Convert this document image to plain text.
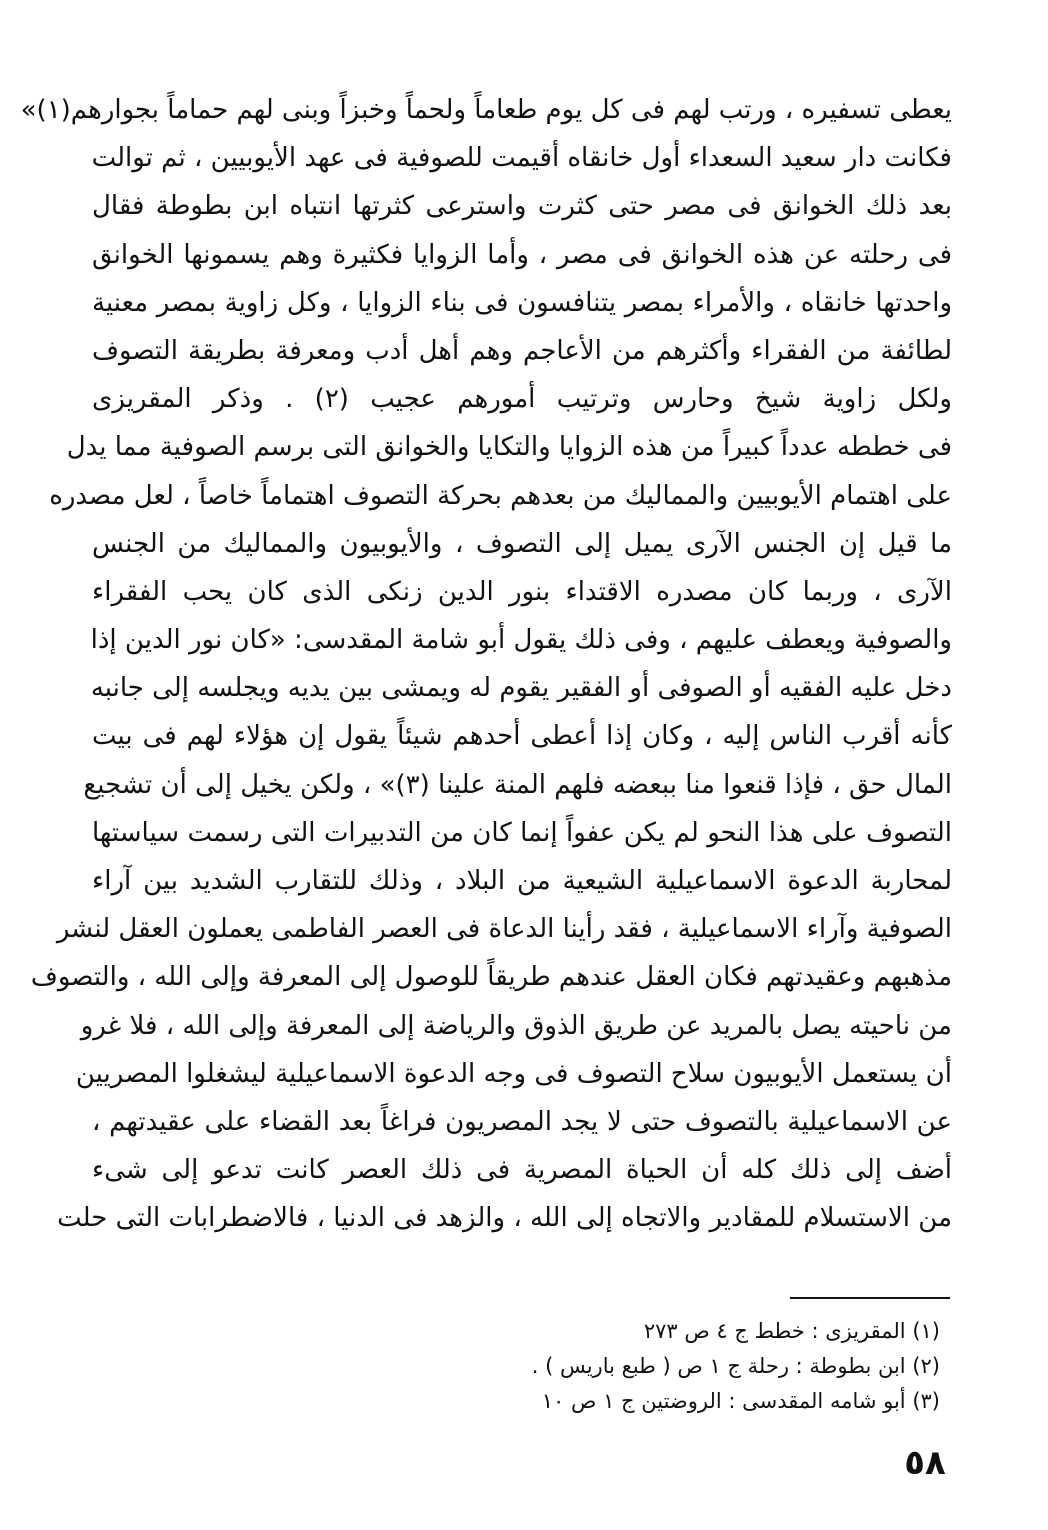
يعطى تسفيره ، ورتب لهم فى كل يوم طعاماً ولحماً وخبزاً وبنى لهم حماماً بجوارهم(١)»
فكانت دار سعيد السعداء أول خانقاه أقيمت للصوفية فى عهد الأيوبيين ، ثم توالت
بعد ذلك الخوانق فى مصر حتى كثرت واسترعى كثرتها انتباه ابن بطوطة فقال
فى رحلته عن هذه الخوانق فى مصر ، وأما الزوايا فكثيرة وهم يسمونها الخوانق
واحدتها خانقاه ، والأمراء بمصر يتنافسون فى بناء الزوايا ، وكل زاوية بمصر معنية
لطائفة من الفقراء وأكثرهم من الأعاجم وهم أهل أدب ومعرفة بطريقة التصوف
ولكل زاوية شيخ وحارس وترتيب أمورهم عجيب (٢) . وذكر المقريزى
فى خططه عدداً كبيراً من هذه الزوايا والتكايا والخوانق التى برسم الصوفية مما يدل
على اهتمام الأيوبيين والمماليك من بعدهم بحركة التصوف اهتماماً خاصاً ، لعل مصدره
ما قيل إن الجنس الآرى يميل إلى التصوف ، والأيوبيون والمماليك من الجنس
الآرى ، وربما كان مصدره الاقتداء بنور الدين زنكى الذى كان يحب الفقراء
والصوفية ويعطف عليهم ، وفى ذلك يقول أبو شامة المقدسى: «كان نور الدين إذا
دخل عليه الفقيه أو الصوفى أو الفقير يقوم له ويمشى بين يديه ويجلسه إلى جانبه
كأنه أقرب الناس إليه ، وكان إذا أعطى أحدهم شيئاً يقول إن هؤلاء لهم فى بيت
المال حق ، فإذا قنعوا منا ببعضه فلهم المنة علينا (٣)» ، ولكن يخيل إلى أن تشجيع
التصوف على هذا النحو لم يكن عفواً إنما كان من التدبيرات التى رسمت سياستها
لمحاربة الدعوة الاسماعيلية الشيعية من البلاد ، وذلك للتقارب الشديد بين آراء
الصوفية وآراء الاسماعيلية ، فقد رأينا الدعاة فى العصر الفاطمى يعملون العقل لنشر
مذهبهم وعقيدتهم فكان العقل عندهم طريقاً للوصول إلى المعرفة وإلى الله ، والتصوف
من ناحيته يصل بالمريد عن طريق الذوق والرياضة إلى المعرفة وإلى الله ، فلا غرو
أن يستعمل الأيوبيون سلاح التصوف فى وجه الدعوة الاسماعيلية ليشغلوا المصريين
عن الاسماعيلية بالتصوف حتى لا يجد المصريون فراغاً بعد القضاء على عقيدتهم ،
أضف إلى ذلك كله أن الحياة المصرية فى ذلك العصر كانت تدعو إلى شىء
من الاستسلام للمقادير والاتجاه إلى الله ، والزهد فى الدنيا ، فالاضطرابات التى حلت
(١) المقريزى : خطط ج ٤ ص ٢٧٣
(٢) ابن بطوطة : رحلة ج ١ ص ( طبع باريس ) .
(٣) أبو شامه المقدسى : الروضتين ج ١ ص ١٠
٥٨
